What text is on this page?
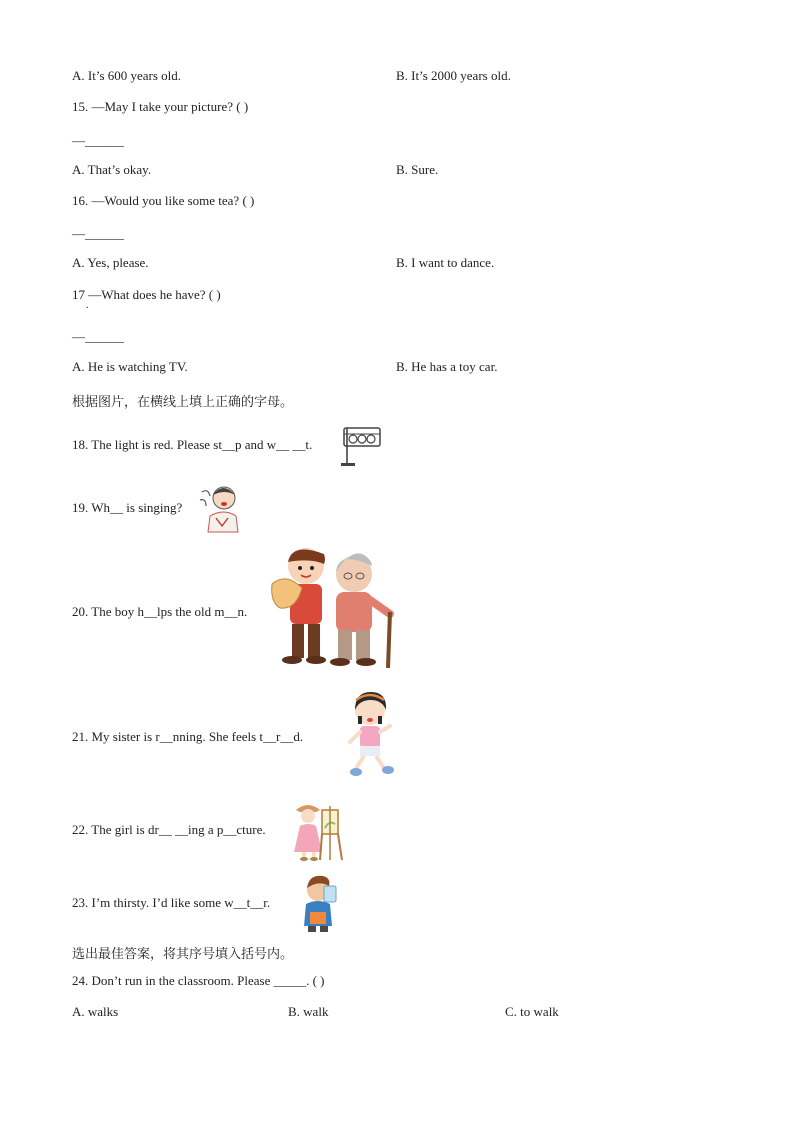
A. It’s 600 years old.	B. It’s 2000 years old.
15. —May I take your picture? ( )
—______
A. That’s okay.	B. Sure.
16. —Would you like some tea? ( )
—______
A. Yes, please.	B. I want to dance.
17 —What does he have? ( )
.
—______
A. He is watching TV.	B. He has a toy car.
根据图片，在横线上填上正确的字母。
18. The light is red. Please st__p and w__ __t.
19. Wh__ is singing?
20. The boy h__lps the old m__n.
21. My sister is r__nning. She feels t__r__d.
22. The girl is dr__ __ing a p__cture.
23. I’m thirsty. I’d like some w__t__r.
选出最佳答案，将其序号填入括号内。
24. Don’t run in the classroom. Please _____. ( )
A. walks	B. walk	C. to walk
